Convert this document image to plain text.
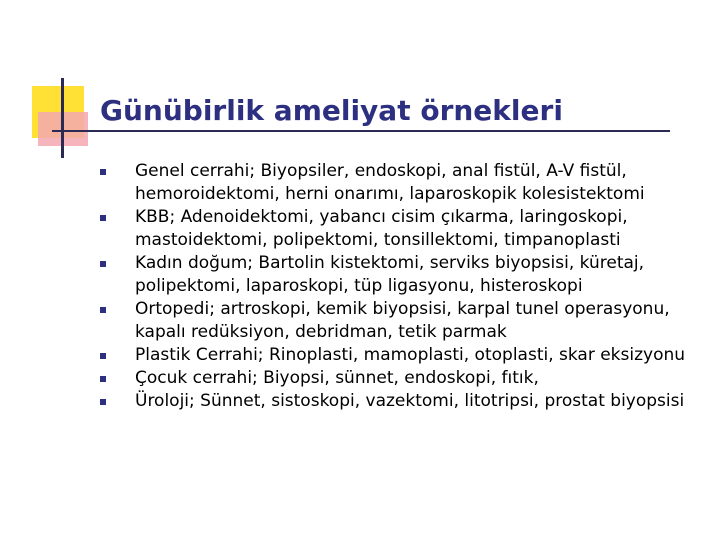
Günübirlik ameliyat örnekleri
Genel cerrahi; Biyopsiler, endoskopi, anal fistül, A-V fistül, hemoroidektomi, herni onarımı, laparoskopik kolesistektomi
KBB; Adenoidektomi, yabancı cisim çıkarma, laringoskopi, mastoidektomi, polipektomi, tonsillektomi, timpanoplasti
Kadın doğum; Bartolin kistektomi, serviks biyopsisi, küretaj, polipektomi, laparoskopi, tüp ligasyonu, histeroskopi
Ortopedi; artroskopi, kemik biyopsisi, karpal tunel operasyonu, kapalı redüksiyon, debridman, tetik parmak
Plastik Cerrahi; Rinoplasti, mamoplasti, otoplasti, skar eksizyonu
Çocuk cerrahi; Biyopsi, sünnet, endoskopi, fıtık,
Üroloji; Sünnet, sistoskopi, vazektomi, litotripsi, prostat biyopsisi
